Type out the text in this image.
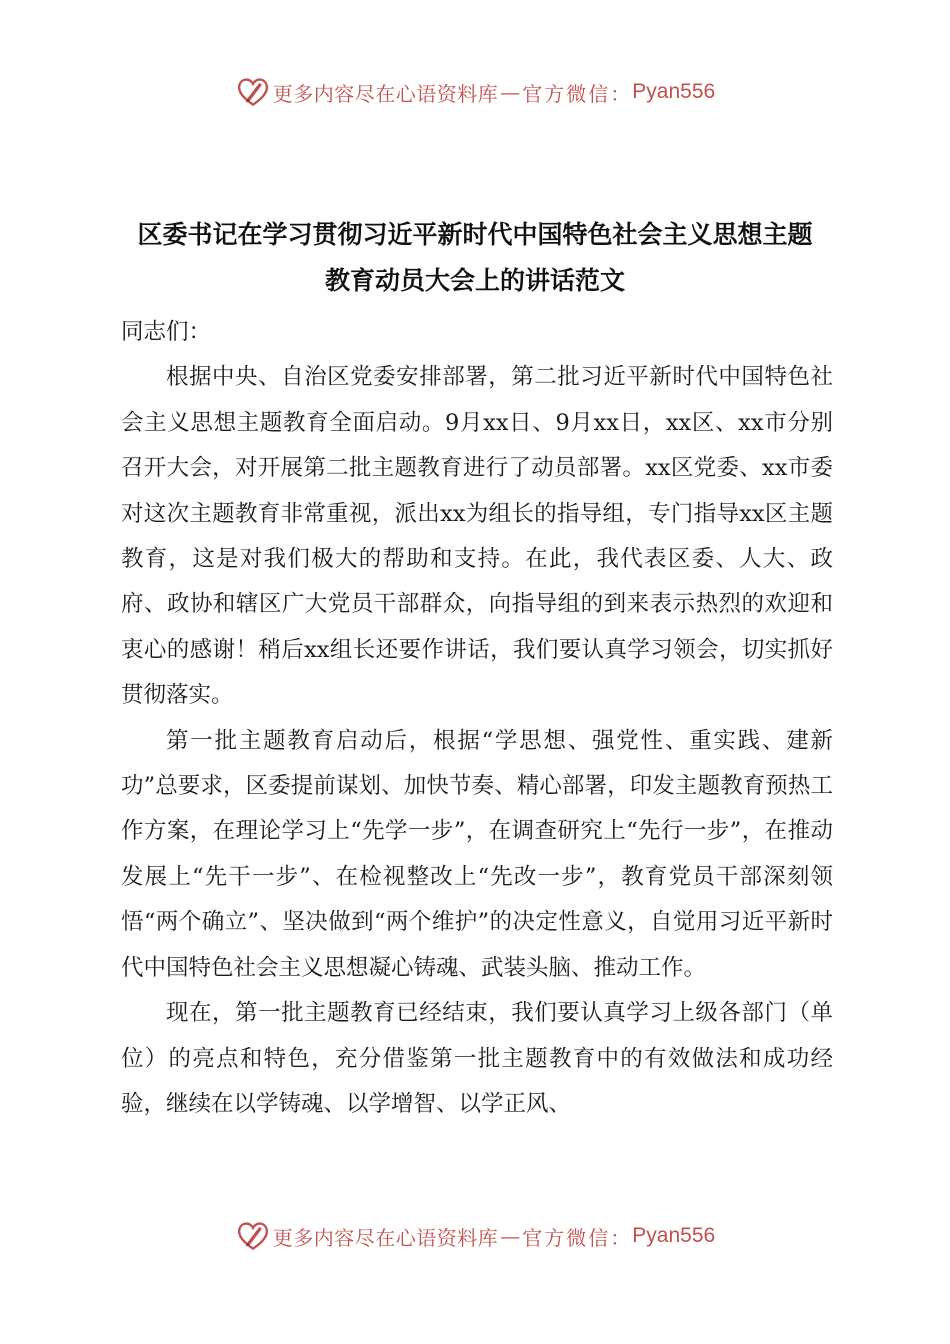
更多内容尽在心语资料库 — 官方微信： Pyan556
区委书记在学习贯彻习近平新时代中国特色社会主义思想主题
教育动员大会上的讲话范文

同志们：

根据中央、自治区党委安排部署，第二批习近平新时代中国特色社会主义思想主题教育全面启动。9月xx日、9月xx日，xx区、xx市分别召开大会，对开展第二批主题教育进行了动员部署。xx区党委、xx市委对这次主题教育非常重视，派出xx为组长的指导组，专门指导xx区主题教育，这是对我们极大的帮助和支持。在此，我代表区委、人大、政府、政协和辖区广大党员干部群众，向指导组的到来表示热烈的欢迎和衷心的感谢！稍后xx组长还要作讲话，我们要认真学习领会，切实抓好贯彻落实。

第一批主题教育启动后，根据“学思想、强党性、重实践、建新功”总要求，区委提前谋划、加快节奏、精心部署，印发主题教育预热工作方案，在理论学习上“先学一步”，在调查研究上“先行一步”，在推动发展上“先干一步”、在检视整改上“先改一步”，教育党员干部深刻领悟“两个确立”、坚决做到“两个维护”的决定性意义，自觉用习近平新时代中国特色社会主义思想凝心铸魂、武装头脑、推动工作。

现在，第一批主题教育已经结束，我们要认真学习上级各部门（单位）的亮点和特色，充分借鉴第一批主题教育中的有效做法和成功经验，继续在以学铸魂、以学增智、以学正风、

更多内容尽在心语资料库 — 官方微信： Pyan556
